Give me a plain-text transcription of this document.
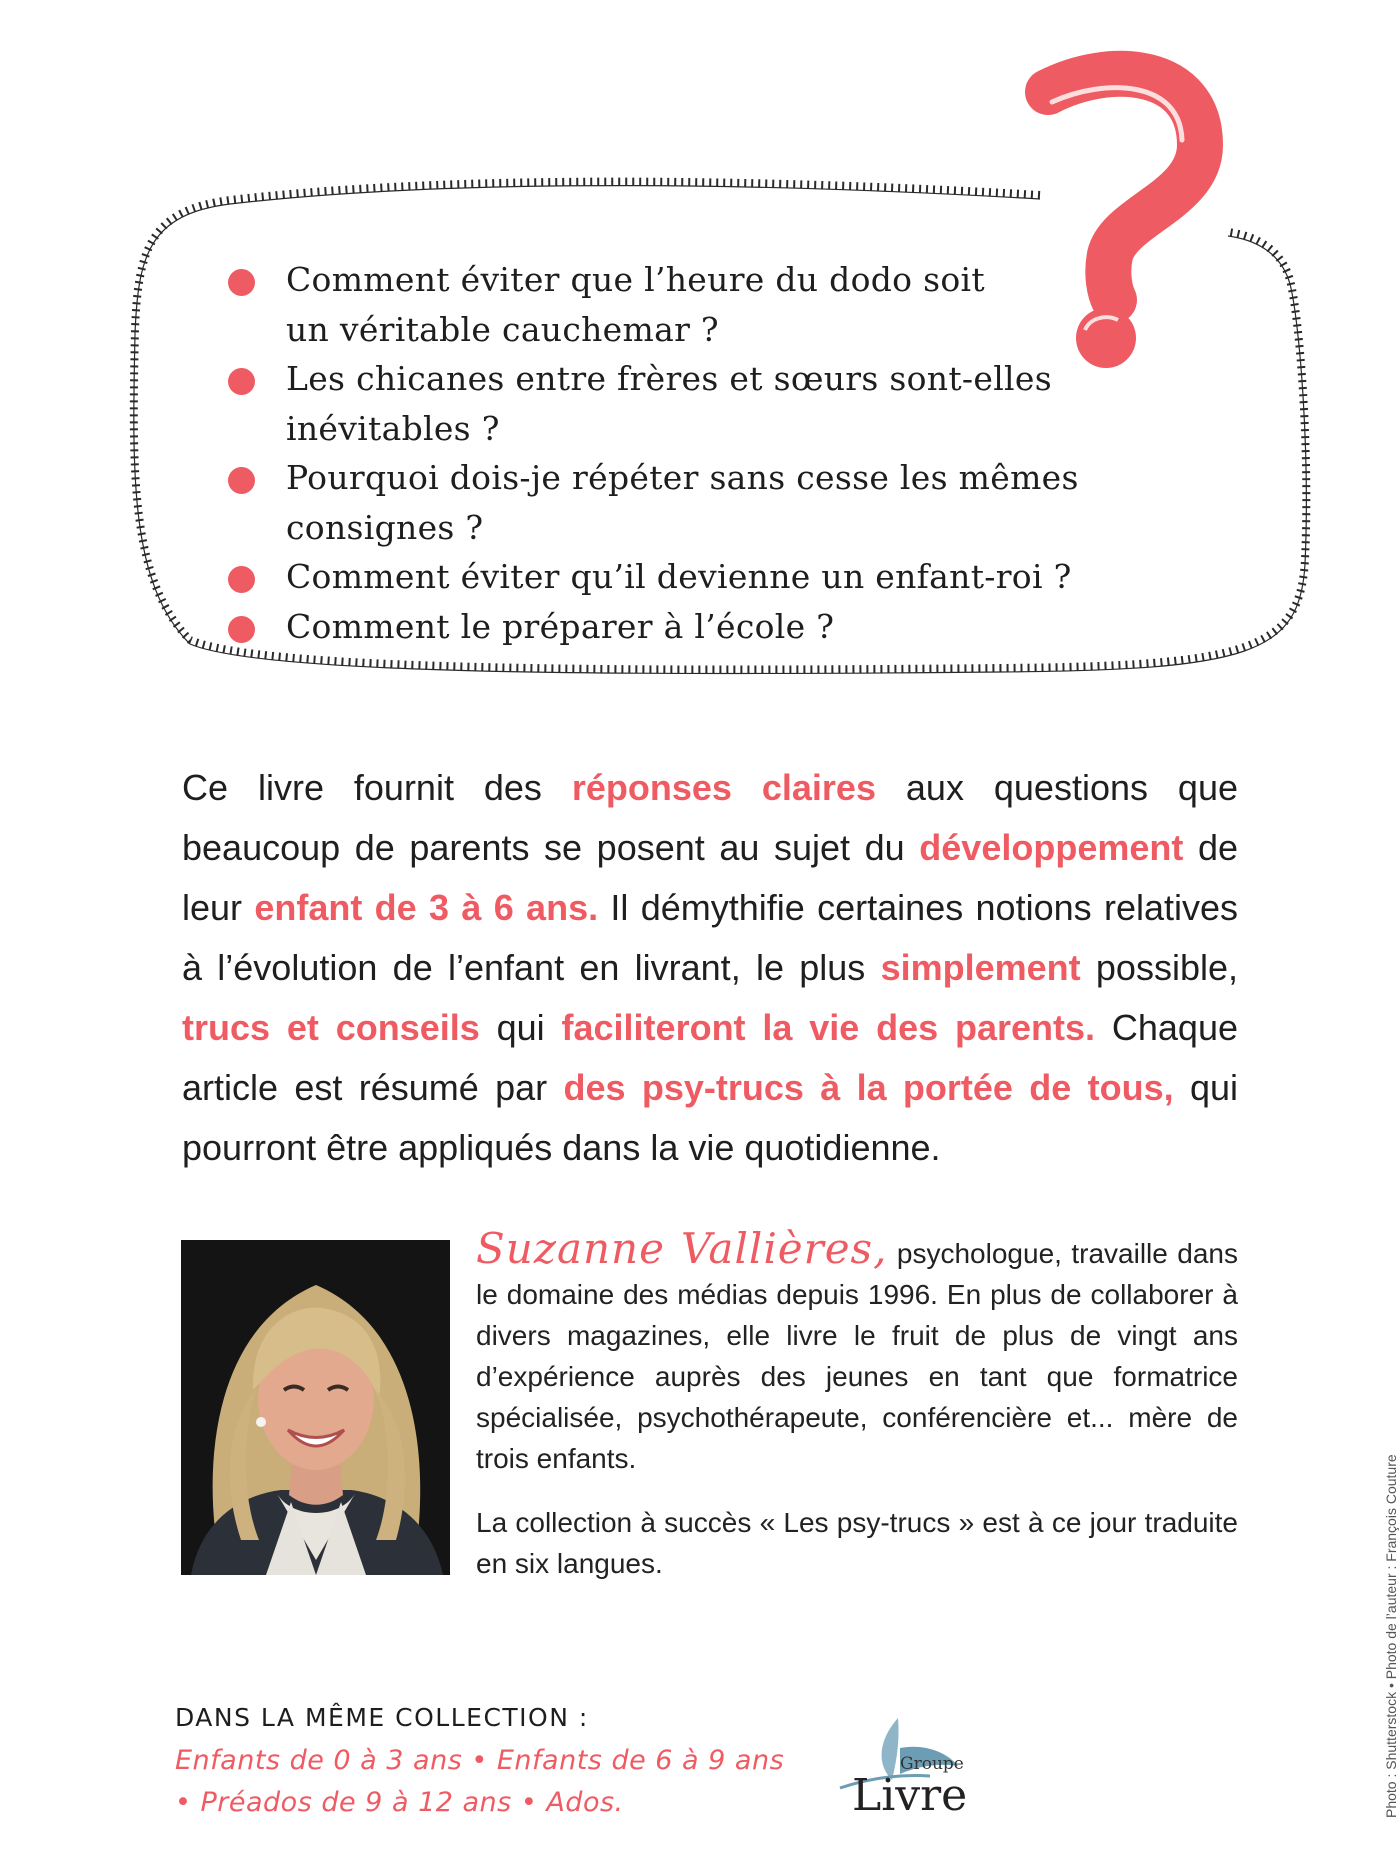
Comment éviter que l’heure du dodo soit
un véritable cauchemar ?
Les chicanes entre frères et sœurs sont-elles
inévitables ?
Pourquoi dois-je répéter sans cesse les mêmes consignes ?
Comment éviter qu’il devienne un enfant-roi ?
Comment le préparer à l’école ?

Ce livre fournit des réponses claires aux questions que beaucoup de parents se posent au sujet du développement de leur enfant de 3 à 6 ans. Il démythifie certaines notions relatives à l’évolution de l’enfant en livrant, le plus simplement possible, trucs et conseils qui faciliteront la vie des parents. Chaque article est résumé par des psy-trucs à la portée de tous, qui pourront être appliqués dans la vie quotidienne.

Suzanne Vallières, psychologue, travaille dans le domaine des médias depuis 1996. En plus de collaborer à divers magazines, elle livre le fruit de plus de vingt ans d’expérience auprès des jeunes en tant que formatrice spécialisée, psychothérapeute, conférencière et... mère de trois enfants.

La collection à succès « Les psy-trucs » est à ce jour traduite en six langues.

DANS LA MÊME COLLECTION :
Enfants de 0 à 3 ans • Enfants de 6 à 9 ans
• Préados de 9 à 12 ans • Ados.
Groupe
Livre	Photo : Shutterstock • Photo de l’auteur : François Couture
